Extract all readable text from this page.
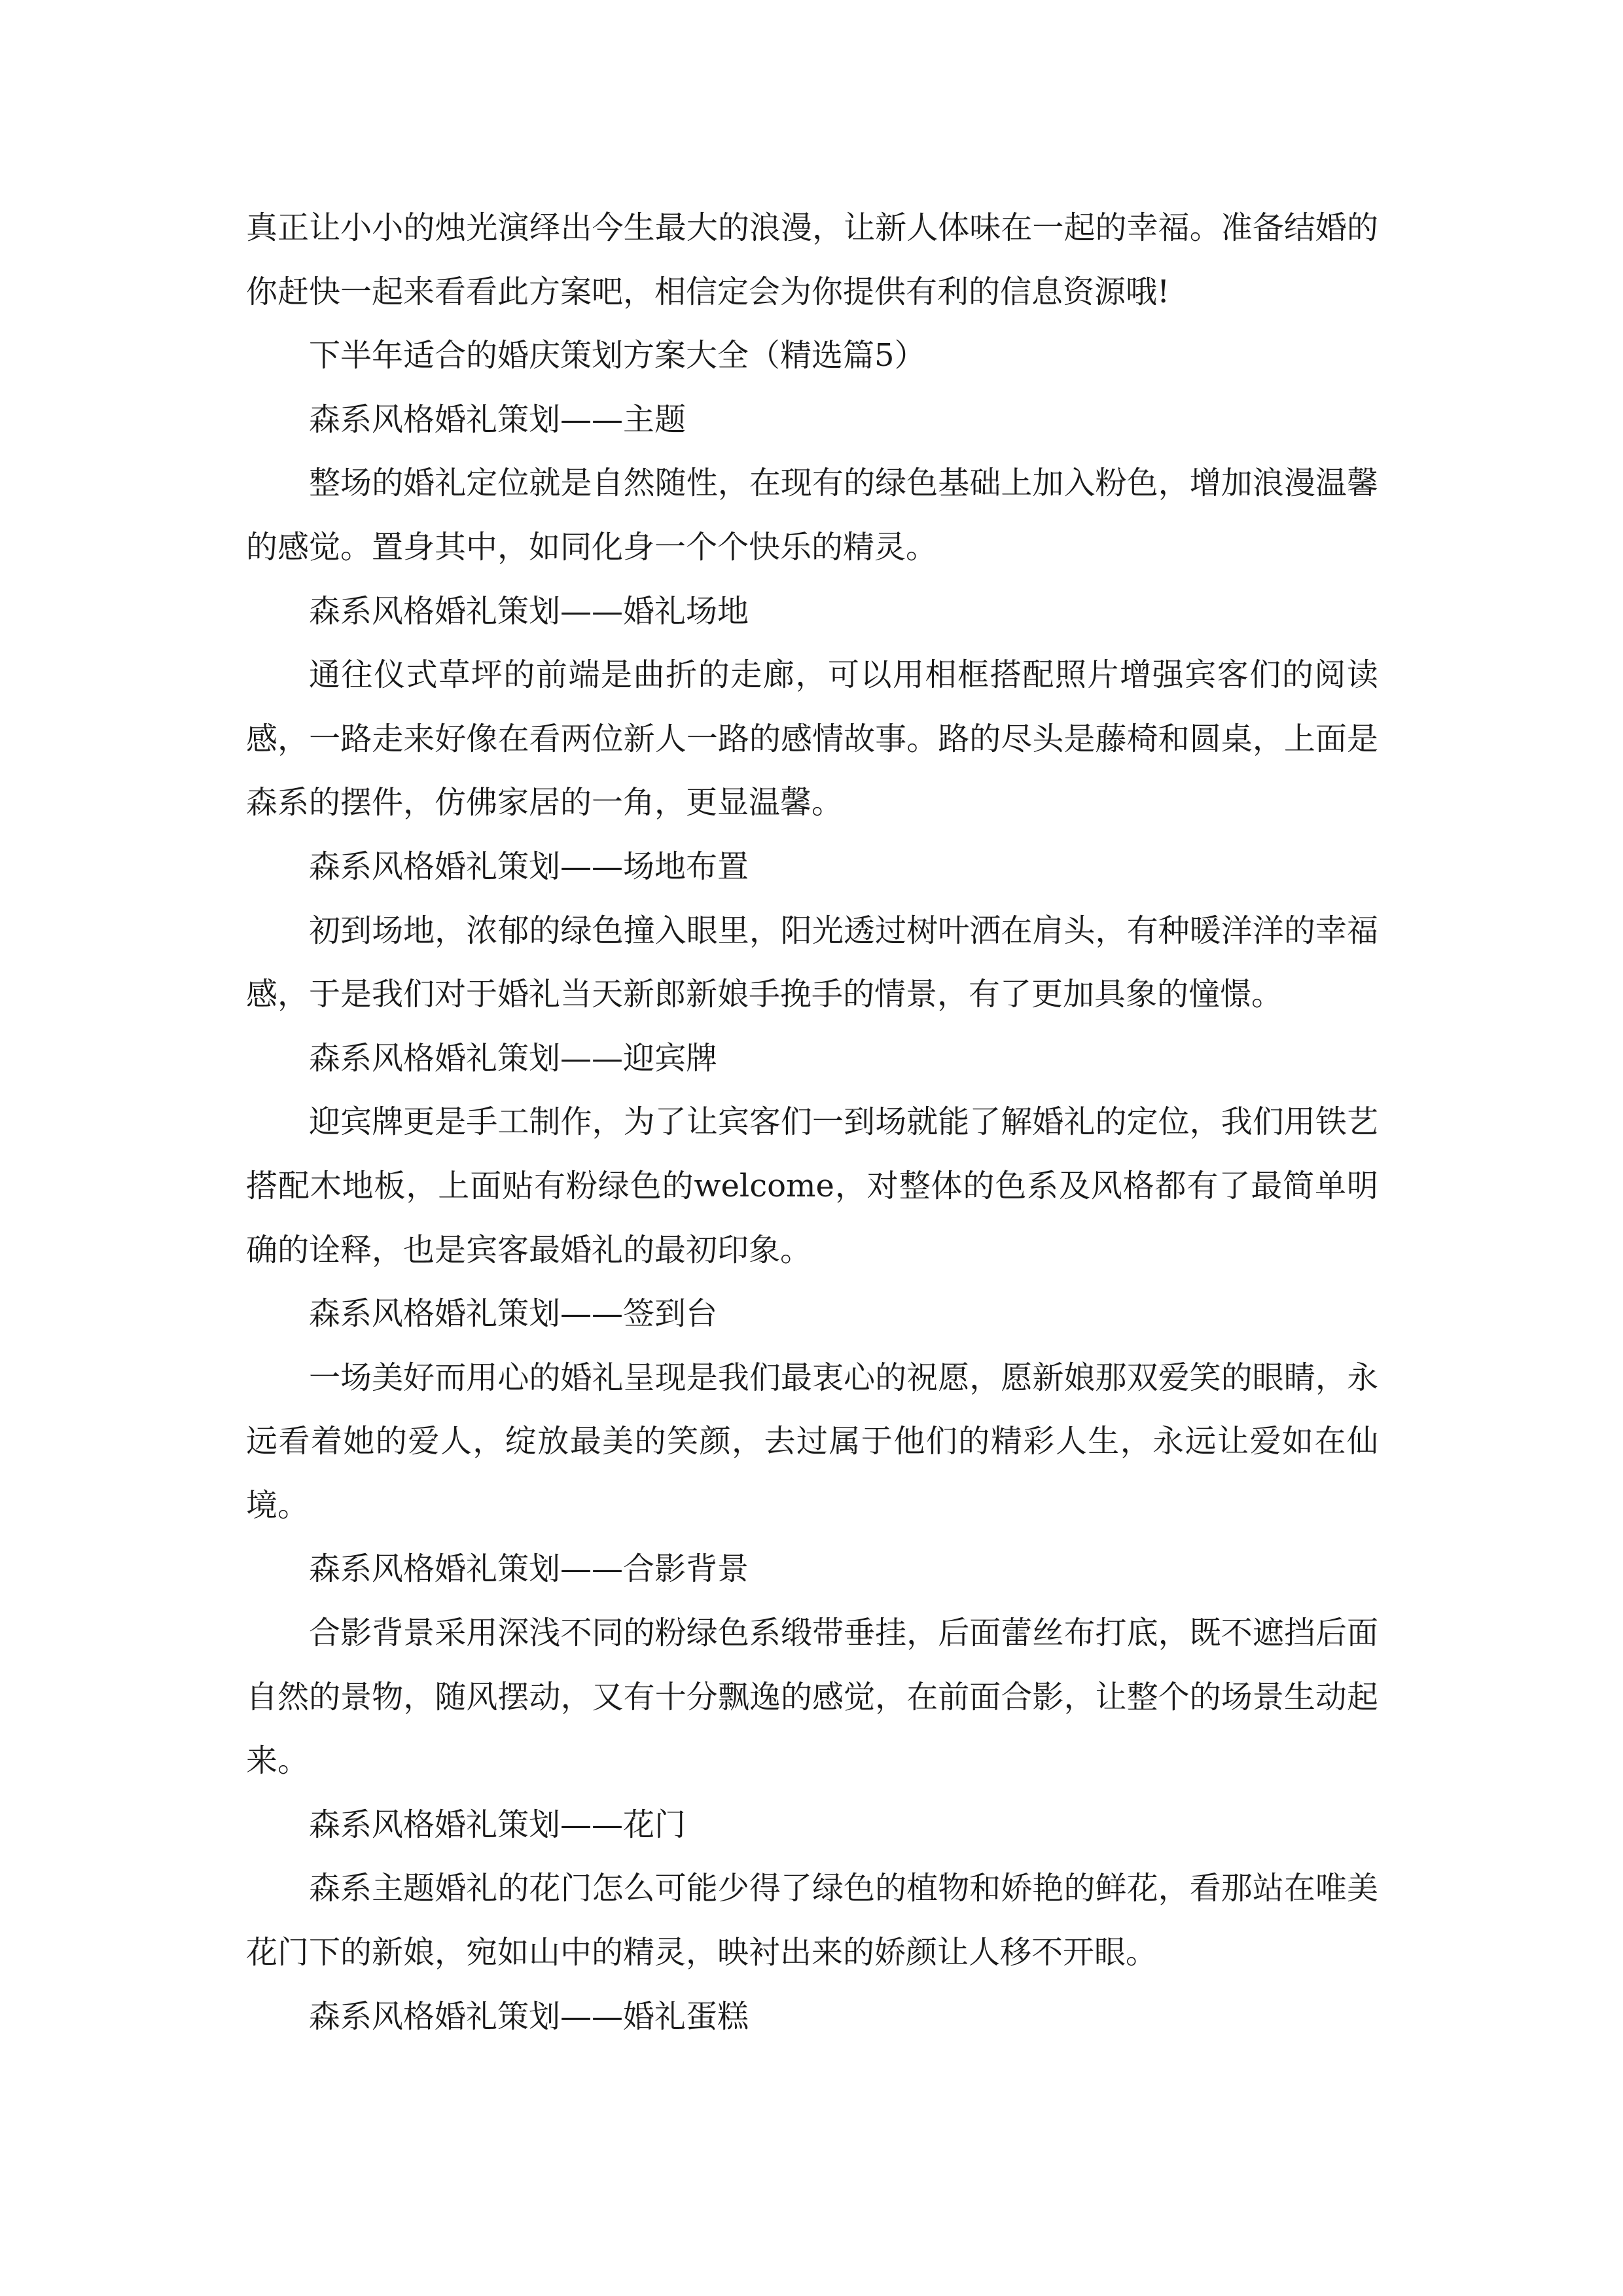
真正让小小的烛光演绎出今生最大的浪漫，让新人体味在一起的幸福。准备结婚的你赶快一起来看看此方案吧，相信定会为你提供有利的信息资源哦!

下半年适合的婚庆策划方案大全（精选篇5）

森系风格婚礼策划——主题

整场的婚礼定位就是自然随性，在现有的绿色基础上加入粉色，增加浪漫温馨的感觉。置身其中，如同化身一个个快乐的精灵。

森系风格婚礼策划——婚礼场地

通往仪式草坪的前端是曲折的走廊，可以用相框搭配照片增强宾客们的阅读感，一路走来好像在看两位新人一路的感情故事。路的尽头是藤椅和圆桌，上面是森系的摆件，仿佛家居的一角，更显温馨。

森系风格婚礼策划——场地布置

初到场地，浓郁的绿色撞入眼里，阳光透过树叶洒在肩头，有种暖洋洋的幸福感，于是我们对于婚礼当天新郎新娘手挽手的情景，有了更加具象的憧憬。

森系风格婚礼策划——迎宾牌

迎宾牌更是手工制作，为了让宾客们一到场就能了解婚礼的定位，我们用铁艺搭配木地板，上面贴有粉绿色的welcome，对整体的色系及风格都有了最简单明确的诠释，也是宾客最婚礼的最初印象。

森系风格婚礼策划——签到台

一场美好而用心的婚礼呈现是我们最衷心的祝愿，愿新娘那双爱笑的眼睛，永远看着她的爱人，绽放最美的笑颜，去过属于他们的精彩人生，永远让爱如在仙境。

森系风格婚礼策划——合影背景

合影背景采用深浅不同的粉绿色系缎带垂挂，后面蕾丝布打底，既不遮挡后面自然的景物，随风摆动，又有十分飘逸的感觉，在前面合影，让整个的场景生动起来。

森系风格婚礼策划——花门

森系主题婚礼的花门怎么可能少得了绿色的植物和娇艳的鲜花，看那站在唯美花门下的新娘，宛如山中的精灵，映衬出来的娇颜让人移不开眼。

森系风格婚礼策划——婚礼蛋糕
